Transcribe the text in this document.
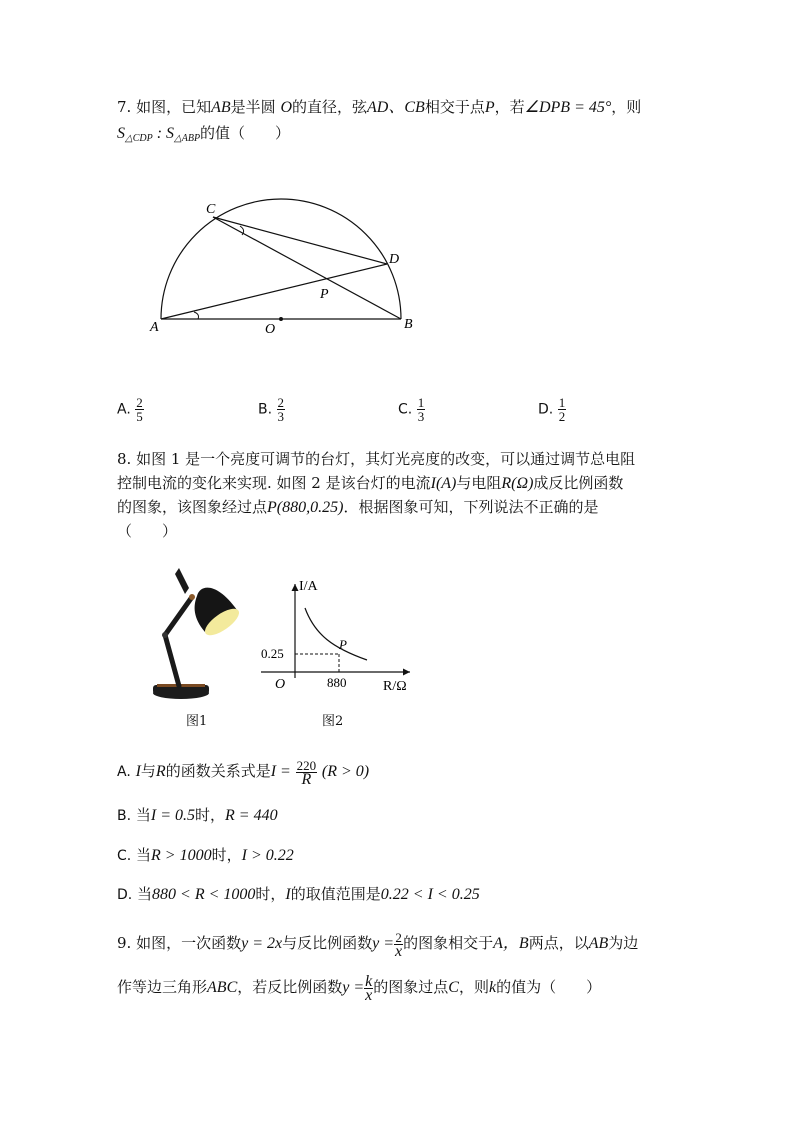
7. 如图，已知AB是半圆 O的直径，弦AD、CB相交于点P，若∠DPB = 45°，则
$S_{\triangle CDP}$ : $S_{\triangle ABP}$的值（　　）
C
D
P
A	O	B
A. $\frac{2}{5}$	B. $\frac{2}{3}$	C. $\frac{1}{3}$	D. $\frac{1}{2}$
8. 如图 1 是一个亮度可调节的台灯，其灯光亮度的改变，可以通过调节总电阻
控制电流的变化来实现. 如图 2 是该台灯的电流I(A)与电阻R(Ω)成反比例函数
的图象，该图象经过点P(880,0.25)．根据图象可知，下列说法不正确的是
（　　）
图1
I/A
R/Ω
O
0.25
880
P
图2
A. I与R的函数关系式是$I = \frac{220}{R} (R > 0)$
B. 当I = 0.5时，R = 440
C. 当R > 1000时，I > 0.22
D. 当880 < R < 1000时，I的取值范围是0.22 < I < 0.25
9. 如图，一次函数y = 2x与反比例函数$y = \frac{2}{x}$ 的图象相交于A，B两点，以AB为边
作等边三角形ABC，若反比例函数$y = \frac{k}{x}$ 的图象过点C，则k的值为（　　）
